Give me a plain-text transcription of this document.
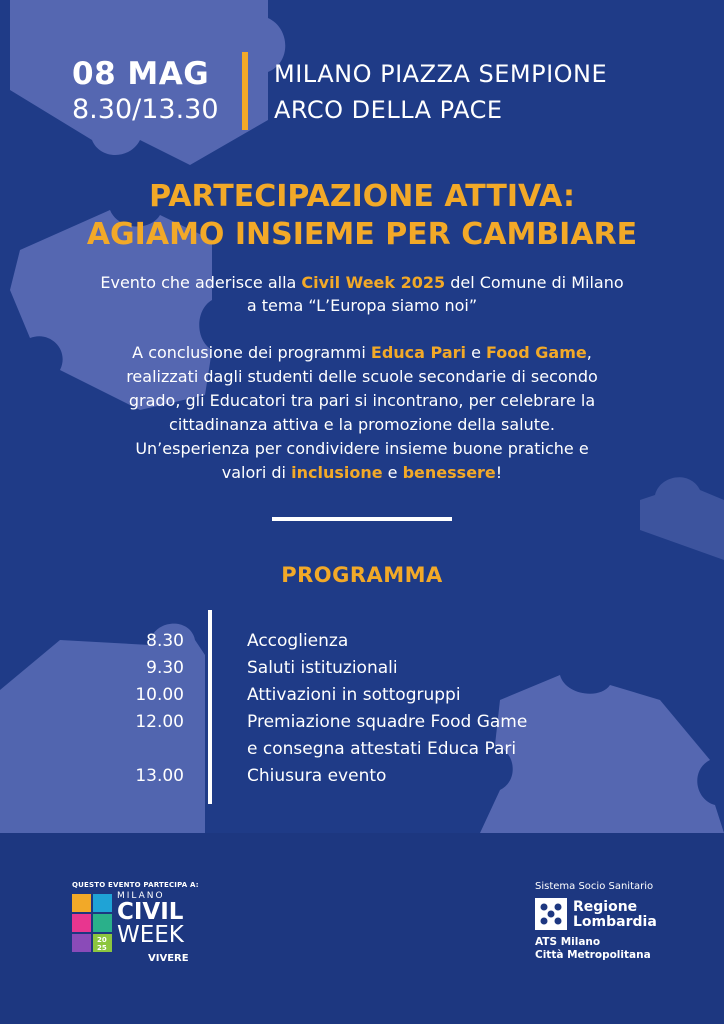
08 MAG
8.30/13.30
MILANO PIAZZA SEMPIONE
ARCO DELLA PACE
PARTECIPAZIONE ATTIVA:
AGIAMO INSIEME PER CAMBIARE
Evento che aderisce alla Civil Week 2025 del Comune di Milano
a tema “L’Europa siamo noi”
A conclusione dei programmi Educa Pari e Food Game,
realizzati dagli studenti delle scuole secondarie di secondo
grado, gli Educatori tra pari si incontrano, per celebrare la
cittadinanza attiva e la promozione della salute.
Un’esperienza per condividere insieme buone pratiche e
valori di inclusione e benessere!
PROGRAMMA
8.30	Accoglienza
9.30	Saluti istituzionali
10.00	Attivazioni in sottogruppi
12.00	Premiazione squadre Food Game
e consegna attestati Educa Pari
13.00	Chiusura evento
QUESTO EVENTO PARTECIPA A:
20
25
MILANO
CIVIL
WEEK
VIVERE
Sistema Socio Sanitario
Regione
Lombardia
ATS Milano
Città Metropolitana
